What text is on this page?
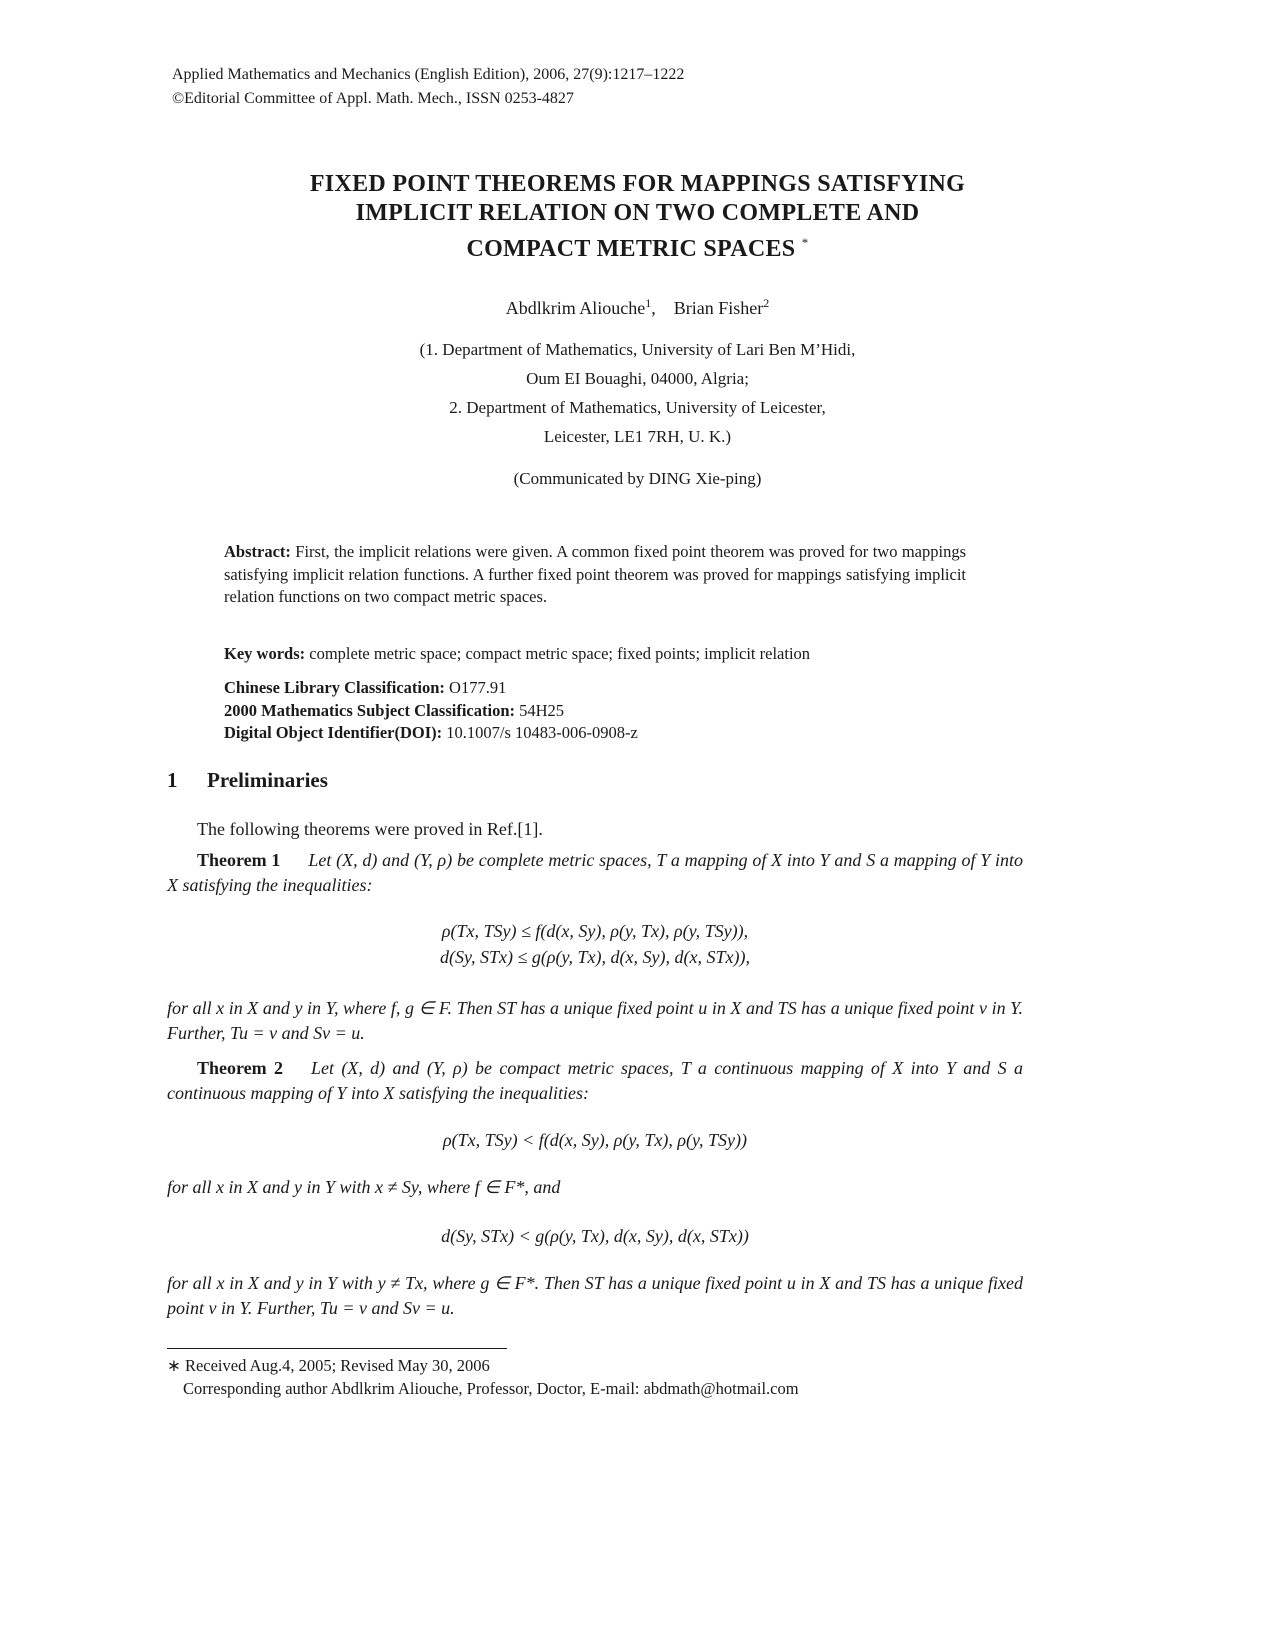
Applied Mathematics and Mechanics (English Edition), 2006, 27(9):1217–1222
©Editorial Committee of Appl. Math. Mech., ISSN 0253-4827
FIXED POINT THEOREMS FOR MAPPINGS SATISFYING
IMPLICIT RELATION ON TWO COMPLETE AND
COMPACT METRIC SPACES *
Abdlkrim Aliouche$^1$,    Brian Fisher$^2$
(1. Department of Mathematics, University of Lari Ben M’Hidi,
Oum EI Bouaghi, 04000, Algria;
2. Department of Mathematics, University of Leicester,
Leicester, LE1 7RH, U. K.)
(Communicated by DING Xie-ping)
Abstract: First, the implicit relations were given. A common fixed point theorem was proved for two mappings satisfying implicit relation functions. A further fixed point theorem was proved for mappings satisfying implicit relation functions on two compact metric spaces.
Key words: complete metric space; compact metric space; fixed points; implicit relation
Chinese Library Classification: O177.91
2000 Mathematics Subject Classification: 54H25
Digital Object Identifier(DOI): 10.1007/s 10483-006-0908-z
1 Preliminaries
The following theorems were proved in Ref.[1].
Theorem 1 Let (X, d) and (Y, ρ) be complete metric spaces, T a mapping of X into Y and S a mapping of Y into X satisfying the inequalities:
ρ(Tx, TSy) ≤ f(d(x, Sy), ρ(y, Tx), ρ(y, TSy)),
d(Sy, STx) ≤ g(ρ(y, Tx), d(x, Sy), d(x, STx)),
for all x in X and y in Y, where f, g ∈ F. Then ST has a unique fixed point u in X and TS has a unique fixed point v in Y. Further, Tu = v and Sv = u.
Theorem 2 Let (X, d) and (Y, ρ) be compact metric spaces, T a continuous mapping of X into Y and S a continuous mapping of Y into X satisfying the inequalities:
ρ(Tx, TSy) < f(d(x, Sy), ρ(y, Tx), ρ(y, TSy))
for all x in X and y in Y with x ≠ Sy, where f ∈ F*, and
d(Sy, STx) < g(ρ(y, Tx), d(x, Sy), d(x, STx))
for all x in X and y in Y with y ≠ Tx, where g ∈ F*. Then ST has a unique fixed point u in X and TS has a unique fixed point v in Y. Further, Tu = v and Sv = u.
∗ Received Aug.4, 2005; Revised May 30, 2006
Corresponding author Abdlkrim Aliouche, Professor, Doctor, E-mail: abdmath@hotmail.com
